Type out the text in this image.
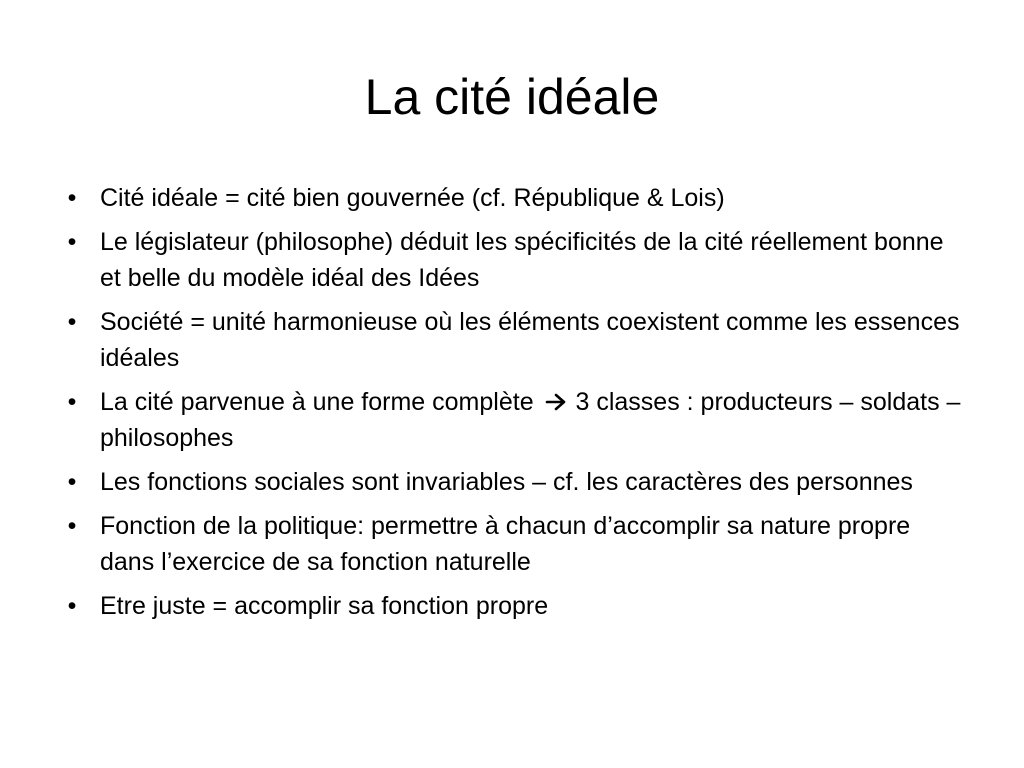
La cité idéale
• Cité idéale = cité bien gouvernée (cf. République & Lois)
• Le législateur (philosophe) déduit les spécificités de la cité réellement bonne et belle du modèle idéal des Idées
• Société = unité harmonieuse où les éléments coexistent comme les essences idéales
• La cité parvenue à une forme complète 3 classes : producteurs – soldats – philosophes
• Les fonctions sociales sont invariables – cf. les caractères des personnes
• Fonction de la politique: permettre à chacun d’accomplir sa nature propre dans l’exercice de sa fonction naturelle
• Etre juste = accomplir sa fonction propre
